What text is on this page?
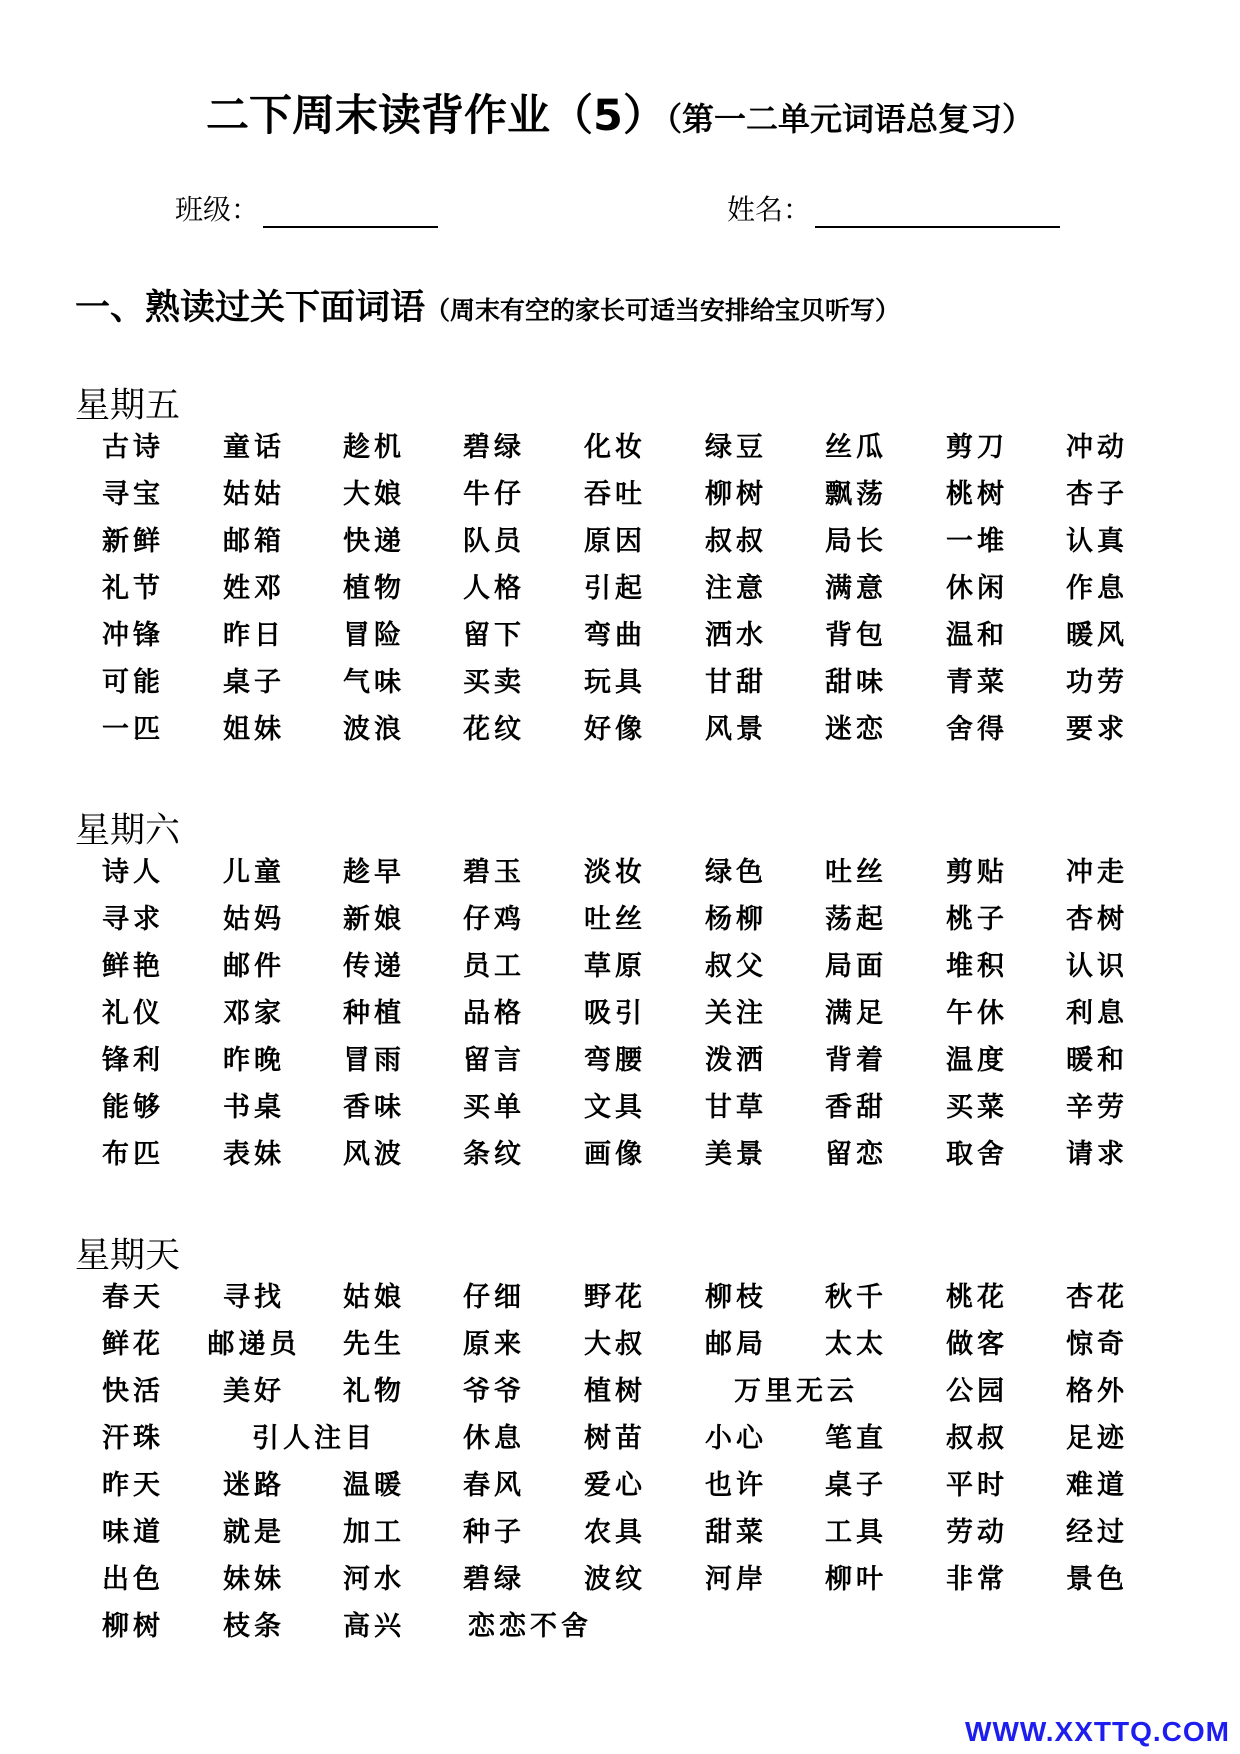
二下周末读背作业（5）（第一二单元词语总复习）
班级：	姓名：
一、熟读过关下面词语（周末有空的家长可适当安排给宝贝听写）
星期五
星期六
星期天
古诗 童话 趁机 碧绿 化妆 绿豆 丝瓜 剪刀 冲动
寻宝 姑姑 大娘 牛仔 吞吐 柳树 飘荡 桃树 杏子
新鲜 邮箱 快递 队员 原因 叔叔 局长 一堆 认真
礼节 姓邓 植物 人格 引起 注意 满意 休闲 作息
冲锋 昨日 冒险 留下 弯曲 洒水 背包 温和 暖风
可能 桌子 气味 买卖 玩具 甘甜 甜味 青菜 功劳
一匹 姐妹 波浪 花纹 好像 风景 迷恋 舍得 要求
诗人 儿童 趁早 碧玉 淡妆 绿色 吐丝 剪贴 冲走
寻求 姑妈 新娘 仔鸡 吐丝 杨柳 荡起 桃子 杏树
鲜艳 邮件 传递 员工 草原 叔父 局面 堆积 认识
礼仪 邓家 种植 品格 吸引 关注 满足 午休 利息
锋利 昨晚 冒雨 留言 弯腰 泼洒 背着 温度 暖和
能够 书桌 香味 买单 文具 甘草 香甜 买菜 辛劳
布匹 表妹 风波 条纹 画像 美景 留恋 取舍 请求
春天 寻找 姑娘 仔细 野花 柳枝 秋千 桃花 杏花
鲜花 邮递员 先生 原来 大叔 邮局 太太 做客 惊奇
快活 美好 礼物 爷爷 植树	万里无云	公园 格外
汗珠	引人注目	休息 树苗 小心 笔直 叔叔 足迹
昨天 迷路 温暖 春风 爱心 也许 桌子 平时 难道
味道 就是 加工 种子 农具 甜菜 工具 劳动 经过
出色 妹妹 河水 碧绿 波纹 河岸 柳叶 非常 景色
柳树 枝条 高兴 恋恋不舍
WWW.XXTTQ.COM
